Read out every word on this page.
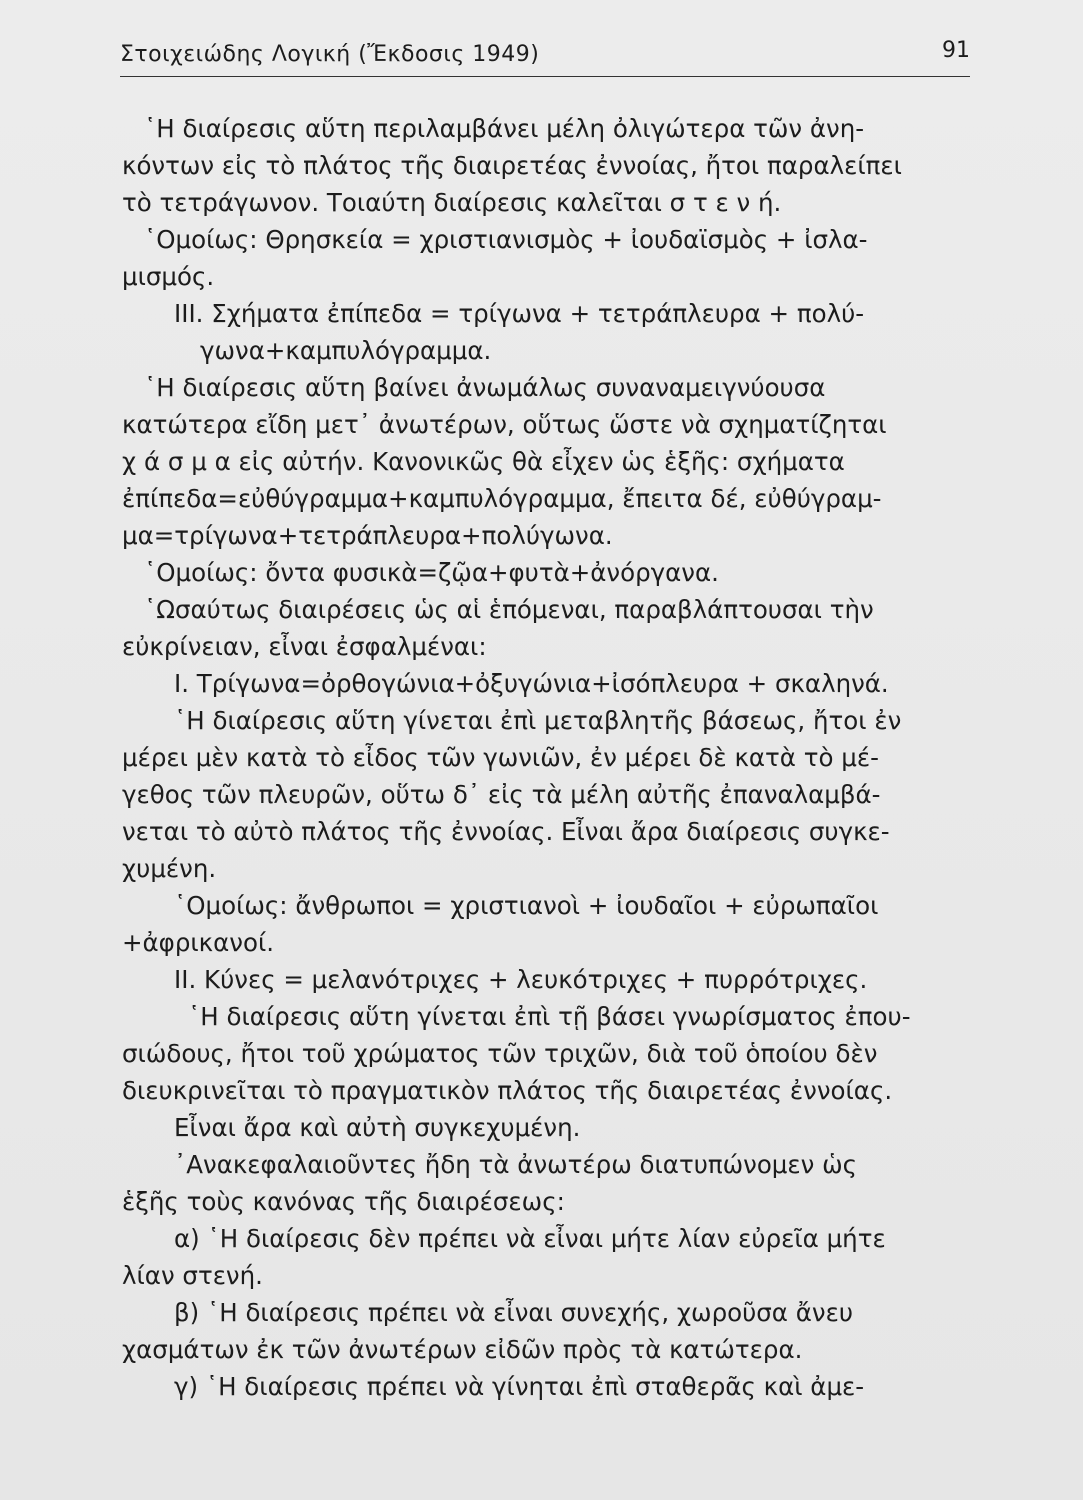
Στοιχειώδης Λογική (Ἔκδοσις 1949)	91
῾Η διαίρεσις αὕτη περιλαμβάνει μέλη ὀλιγώτερα τῶν ἀνη-
κόντων εἰς τὸ πλάτος τῆς διαιρετέας ἐννοίας, ἤτοι παραλείπει
τὸ τετράγωνον. Τοιαύτη διαίρεσις καλεῖται σ τ ε ν ή.
῾Ομοίως: Θρησκεία = χριστιανισμὸς + ἰουδαϊσμὸς + ἰσλα-
μισμός.
III. Σχήματα ἐπίπεδα = τρίγωνα + τετράπλευρα + πολύ-
γωνα+καμπυλόγραμμα.
῾Η διαίρεσις αὕτη βαίνει ἀνωμάλως συναναμειγνύουσα
κατώτερα εἴδη μετ᾽ ἀνωτέρων, οὕτως ὥστε νὰ σχηματίζηται
χ ά σ μ α εἰς αὐτήν. Κανονικῶς θὰ εἶχεν ὡς ἑξῆς: σχήματα
ἐπίπεδα=εὐθύγραμμα+καμπυλόγραμμα, ἔπειτα δέ, εὐθύγραμ-
μα=τρίγωνα+τετράπλευρα+πολύγωνα.
῾Ομοίως: ὄντα φυσικὰ=ζῷα+φυτὰ+ἀνόργανα.
῾Ωσαύτως διαιρέσεις ὡς αἱ ἑπόμεναι, παραβλάπτουσαι τὴν
εὐκρίνειαν, εἶναι ἐσφαλμέναι:
I. Τρίγωνα=ὀρθογώνια+ὀξυγώνια+ἰσόπλευρα + σκαληνά.
῾Η διαίρεσις αὕτη γίνεται ἐπὶ μεταβλητῆς βάσεως, ἤτοι ἐν
μέρει μὲν κατὰ τὸ εἶδος τῶν γωνιῶν, ἐν μέρει δὲ κατὰ τὸ μέ-
γεθος τῶν πλευρῶν, οὕτω δ᾽ εἰς τὰ μέλη αὐτῆς ἐπαναλαμβά-
νεται τὸ αὐτὸ πλάτος τῆς ἐννοίας. Εἶναι ἄρα διαίρεσις συγκε-
χυμένη.
῾Ομοίως: ἄνθρωποι = χριστιανοὶ + ἰουδαῖοι + εὐρωπαῖοι
+ἀφρικανοί.
II. Κύνες = μελανότριχες + λευκότριχες + πυρρότριχες.
῾Η διαίρεσις αὕτη γίνεται ἐπὶ τῇ βάσει γνωρίσματος ἐπου-
σιώδους, ἤτοι τοῦ χρώματος τῶν τριχῶν, διὰ τοῦ ὁποίου δὲν
διευκρινεῖται τὸ πραγματικὸν πλάτος τῆς διαιρετέας ἐννοίας.
Εἶναι ἄρα καὶ αὐτὴ συγκεχυμένη.
᾽Ανακεφαλαιοῦντες ἤδη τὰ ἀνωτέρω διατυπώνομεν ὡς
ἑξῆς τοὺς κανόνας τῆς διαιρέσεως:
α) ῾Η διαίρεσις δὲν πρέπει νὰ εἶναι μήτε λίαν εὐρεῖα μήτε
λίαν στενή.
β) ῾Η διαίρεσις πρέπει νὰ εἶναι συνεχής, χωροῦσα ἄνευ
χασμάτων ἐκ τῶν ἀνωτέρων εἰδῶν πρὸς τὰ κατώτερα.
γ) ῾Η διαίρεσις πρέπει νὰ γίνηται ἐπὶ σταθερᾶς καὶ ἀμε-
